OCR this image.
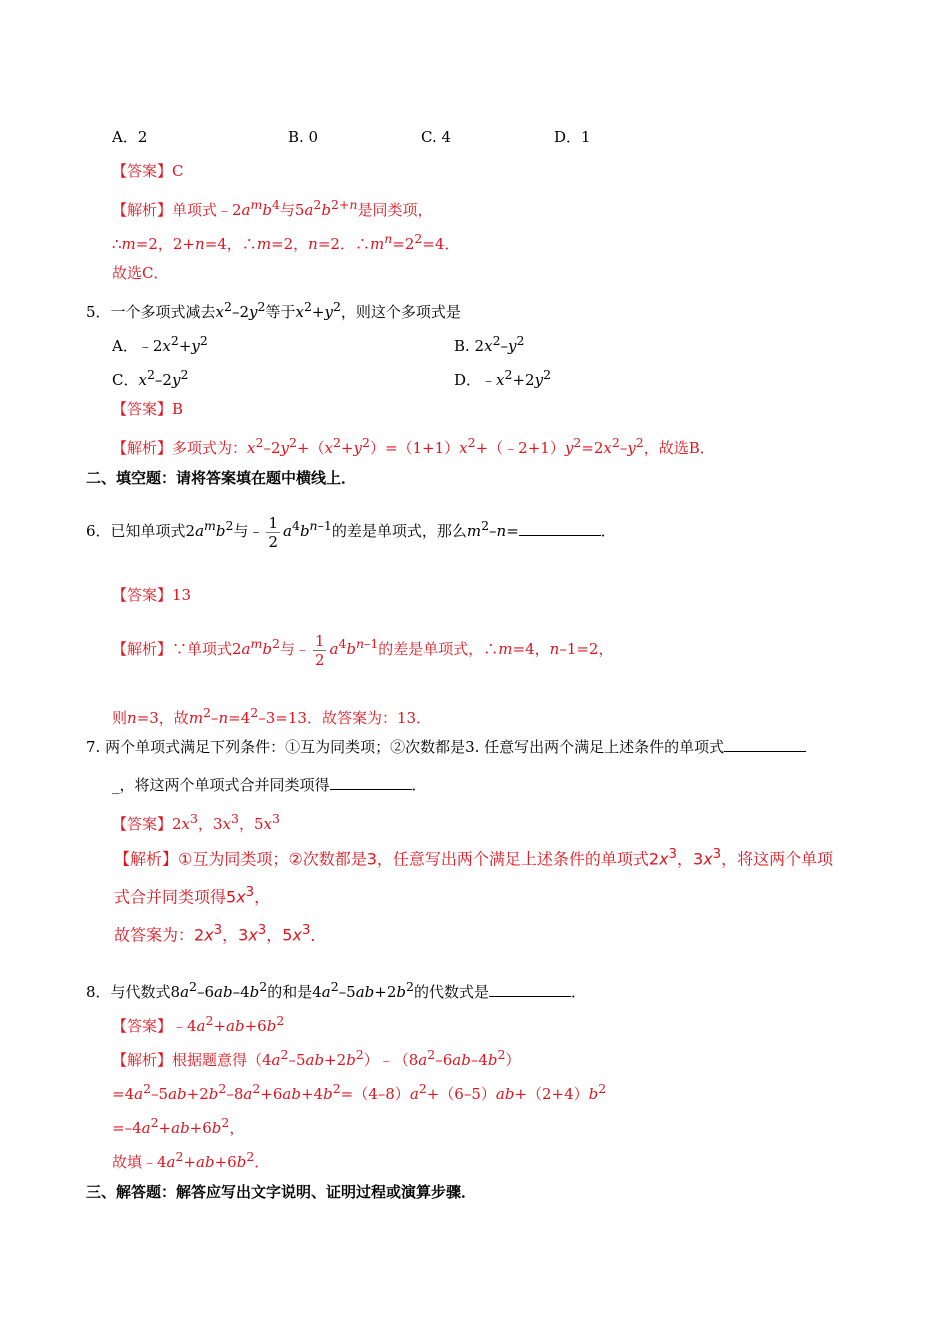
A．2	B. 0	C. 4	D．1
【答案】C
【解析】单项式$﹣2a^mb^4$与$5a^2b^{2+n}$是同类项，
∴m=2，2+n=4，∴m=2，n=2．$\therefore m^n=2^2=4$．
故选C．
5．一个多项式减去$x^2-2y^2$等于$x^2+y^2$，则这个多项式是
A．$﹣2x^2+y^2$	B. $2x^2-y^2$
C．$x^2-2y^2$	D．$﹣x^2+2y^2$
【答案】B
【解析】多项式为：$x^2-2y^2+(x^2+y^2)=(1+1)x^2+(﹣2+1)y^2=2x^2-y^2$，故选B．
二、填空题：请将答案填在题中横线上．
6．已知单项式$2a^mb^2$与﹣ $\frac{1}{2} a^4b^{n-1}$的差是单项式，那么$m^2-n=$	．
【答案】13
【解析】∵单项式$2a^mb^2$与﹣ $\frac{1}{2} a^4b^{n-1}$的差是单项式，∴m=4，n–1=2，
则n=3，故$m^2-n=4^2-3=13$．故答案为：13．
7. 两个单项式满足下列条件：①互为同类项；②次数都是3. 任意写出两个满足上述条件的单项式
_，将这两个单项式合并同类项得	．
【答案】$2x^3$，$3x^3$，$5x^3$
【解析】①互为同类项；②次数都是3，任意写出两个满足上述条件的单项式$2x^3$，$3x^3$，将这两个单项
式合并同类项得$5x^3$，
故答案为：$2x^3$，$3x^3$，$5x^3$．
8．与代数式$8a^2-6ab-4b^2$的和是$4a^2-5ab+2b^2$的代数式是	．
【答案】$﹣4a^2+ab+6b^2$
【解析】根据题意得$(4a^2-5ab+2b^2)﹣(8a^2-6ab-4b^2)$
$=4a^2-5ab+2b^2-8a^2+6ab+4b^2=(4-8)a^2+(6-5)ab+(2+4)b^2$
$=-4a^2+ab+6b^2$，
故填$﹣4a^2+ab+6b^2$．
三、解答题：解答应写出文字说明、证明过程或演算步骤．
